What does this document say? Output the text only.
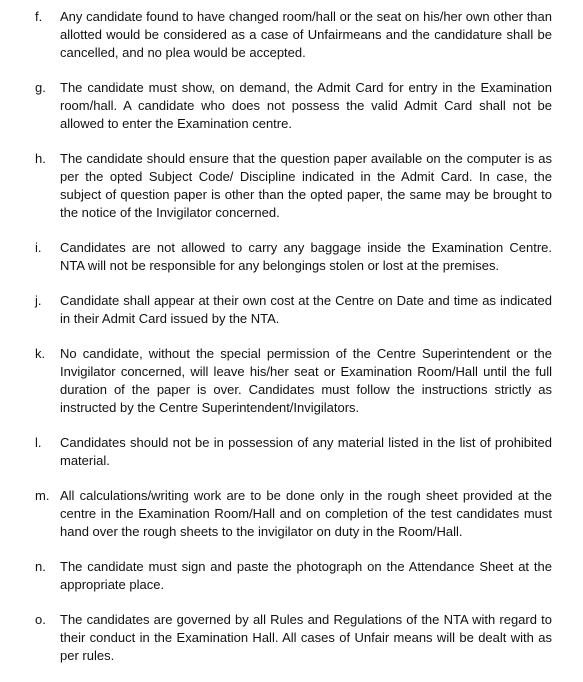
f.	Any candidate found to have changed room/hall or the seat on his/her own other than allotted would be considered as a case of Unfairmeans and the candidature shall be cancelled, and no plea would be accepted.
g.	The candidate must show, on demand, the Admit Card for entry in the Examination room/hall. A candidate who does not possess the valid Admit Card shall not be allowed to enter the Examination centre.
h.	The candidate should ensure that the question paper available on the computer is as per the opted Subject Code/ Discipline indicated in the Admit Card. In case, the subject of question paper is other than the opted paper, the same may be brought to the notice of the Invigilator concerned.
i.	Candidates are not allowed to carry any baggage inside the Examination Centre. NTA will not be responsible for any belongings stolen or lost at the premises.
j.	Candidate shall appear at their own cost at the Centre on Date and time as indicated in their Admit Card issued by the NTA.
k.	No candidate, without the special permission of the Centre Superintendent or the Invigilator concerned, will leave his/her seat or Examination Room/Hall until the full duration of the paper is over. Candidates must follow the instructions strictly as instructed by the Centre Superintendent/Invigilators.
l.	Candidates should not be in possession of any material listed in the list of prohibited material.
m. All calculations/writing work are to be done only in the rough sheet provided at the centre in the Examination Room/Hall and on completion of the test candidates must hand over the rough sheets to the invigilator on duty in the Room/Hall.
n.	The candidate must sign and paste the photograph on the Attendance Sheet at the appropriate place.
o.	The candidates are governed by all Rules and Regulations of the NTA with regard to their conduct in the Examination Hall. All cases of Unfair means will be dealt with as per rules.
